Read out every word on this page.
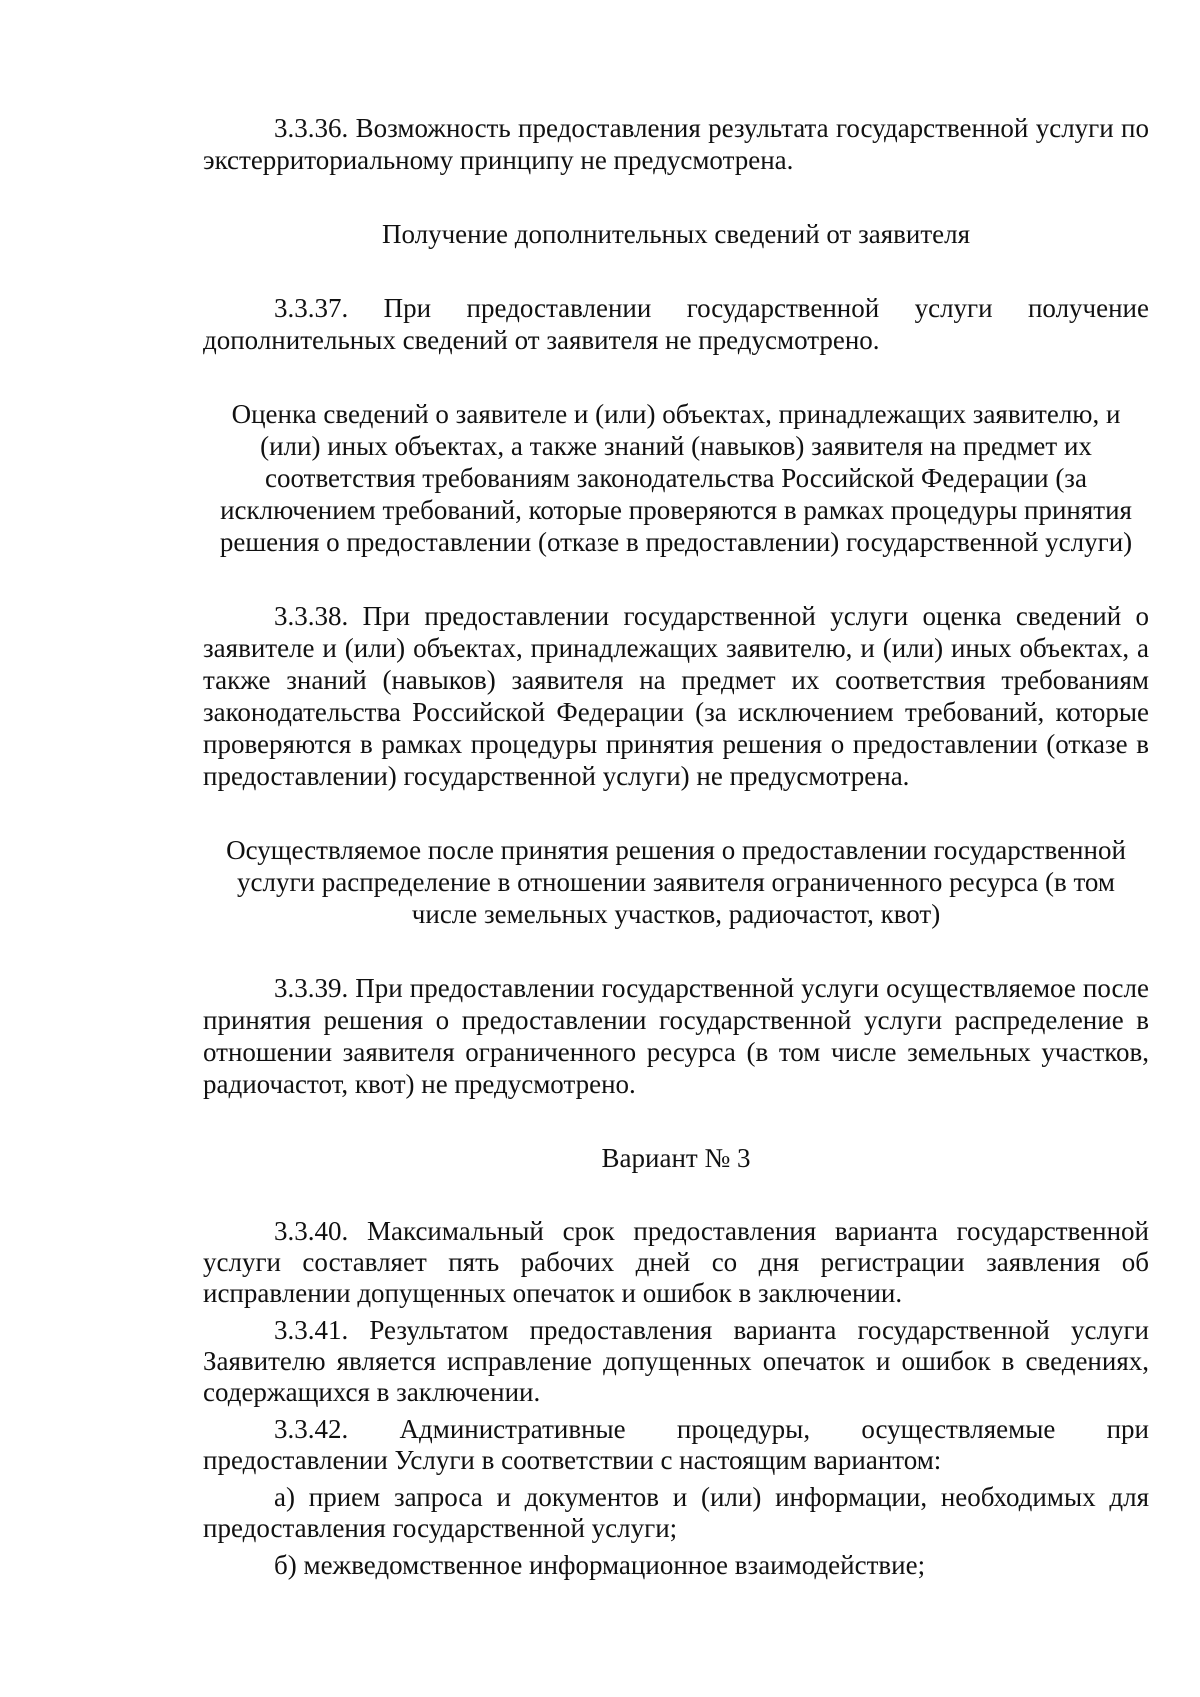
3.3.36. Возможность предоставления результата государственной услуги по экстерриториальному принципу не предусмотрена.

Получение дополнительных сведений от заявителя

3.3.37. При предоставлении государственной услуги получение дополнительных сведений от заявителя не предусмотрено.

Оценка сведений о заявителе и (или) объектах, принадлежащих заявителю, и (или) иных объектах, а также знаний (навыков) заявителя на предмет их соответствия требованиям законодательства Российской Федерации (за исключением требований, которые проверяются в рамках процедуры принятия решения о предоставлении (отказе в предоставлении) государственной услуги)

3.3.38. При предоставлении государственной услуги оценка сведений о заявителе и (или) объектах, принадлежащих заявителю, и (или) иных объектах, а также знаний (навыков) заявителя на предмет их соответствия требованиям законодательства Российской Федерации (за исключением требований, которые проверяются в рамках процедуры принятия решения о предоставлении (отказе в предоставлении) государственной услуги) не предусмотрена.

Осуществляемое после принятия решения о предоставлении государственной услуги распределение в отношении заявителя ограниченного ресурса (в том числе земельных участков, радиочастот, квот)

3.3.39. При предоставлении государственной услуги осуществляемое после принятия решения о предоставлении государственной услуги распределение в отношении заявителя ограниченного ресурса (в том числе земельных участков, радиочастот, квот) не предусмотрено.

Вариант № 3

3.3.40. Максимальный срок предоставления варианта государственной услуги составляет пять рабочих дней со дня регистрации заявления об исправлении допущенных опечаток и ошибок в заключении.

3.3.41. Результатом предоставления варианта государственной услуги Заявителю является исправление допущенных опечаток и ошибок в сведениях, содержащихся в заключении.

3.3.42. Административные процедуры, осуществляемые при предоставлении Услуги в соответствии с настоящим вариантом:

а) прием запроса и документов и (или) информации, необходимых для предоставления государственной услуги;

б) межведомственное информационное взаимодействие;
